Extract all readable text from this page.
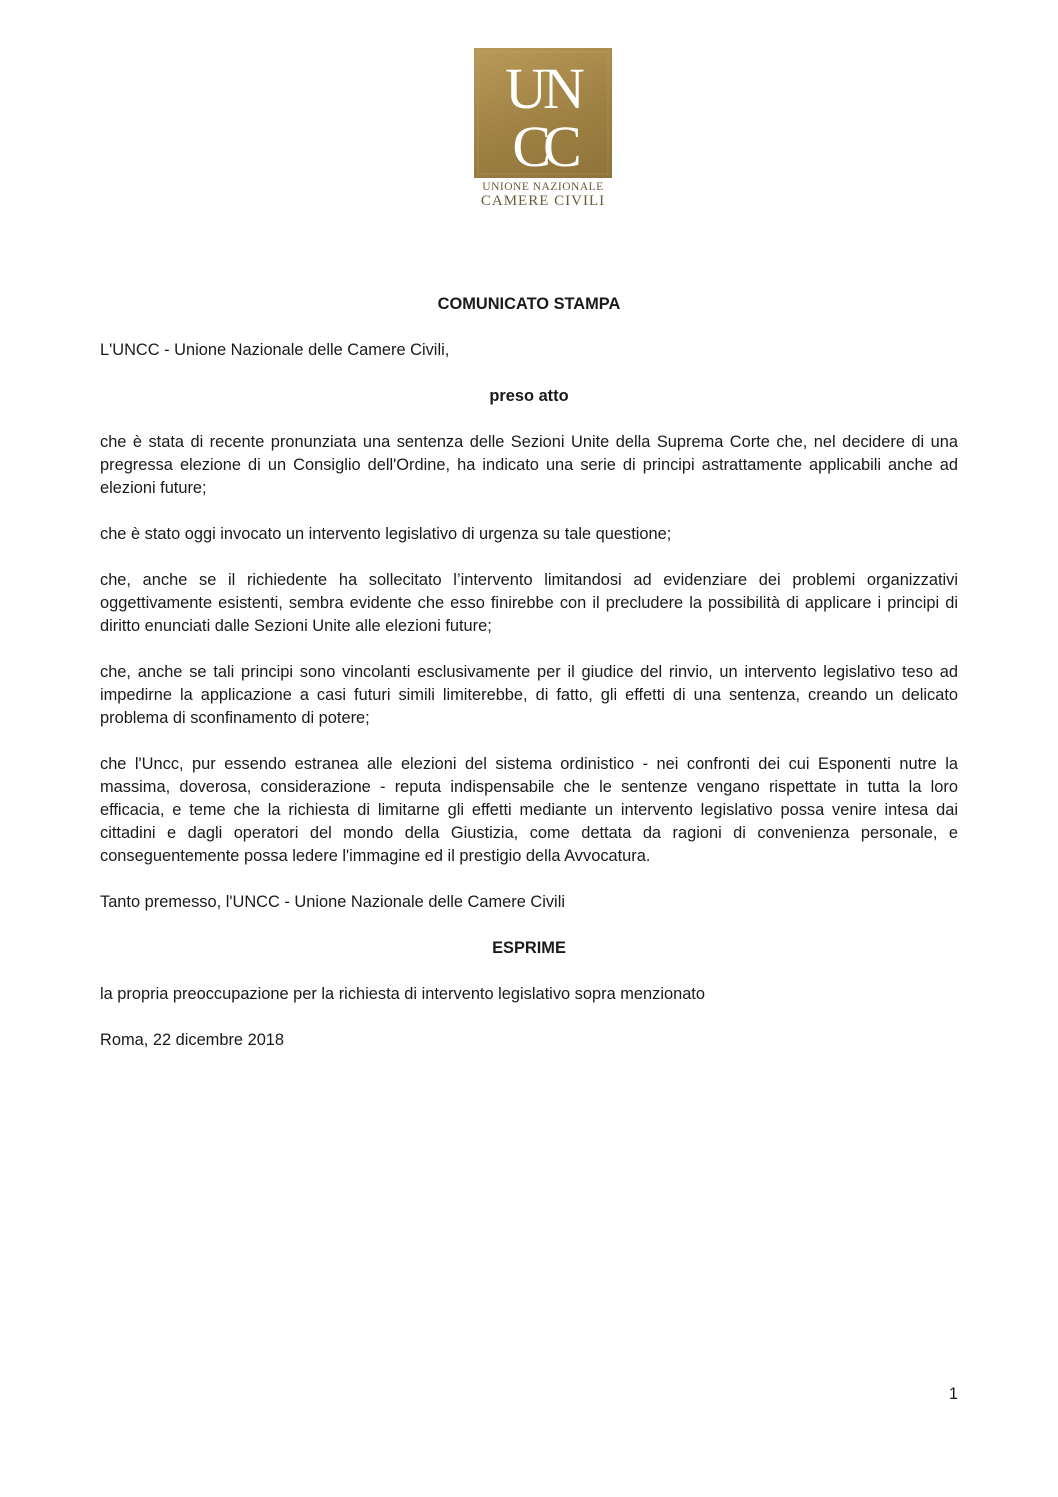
UN
CC
UNIONE NAZIONALE
CAMERE CIVILI

COMUNICATO STAMPA

L'UNCC - Unione Nazionale delle Camere Civili,

preso atto

che è stata di recente pronunziata una sentenza delle Sezioni Unite della Suprema Corte che, nel decidere di una pregressa elezione di un Consiglio dell'Ordine, ha indicato una serie di principi astrattamente applicabili anche ad elezioni future;

che è stato oggi invocato un intervento legislativo di urgenza su tale questione;

che, anche se il richiedente ha sollecitato l’intervento limitandosi ad evidenziare dei problemi organizzativi oggettivamente esistenti, sembra evidente che esso finirebbe con il precludere la possibilità di applicare i principi di diritto enunciati dalle Sezioni Unite alle elezioni future;

che, anche se tali principi sono vincolanti esclusivamente per il giudice del rinvio, un intervento legislativo teso ad impedirne la applicazione a casi futuri simili limiterebbe, di fatto, gli effetti di una sentenza, creando un delicato problema di sconfinamento di potere;

che l'Uncc, pur essendo estranea alle elezioni del sistema ordinistico - nei confronti dei cui Esponenti nutre la massima, doverosa, considerazione - reputa indispensabile che le sentenze vengano rispettate in tutta la loro efficacia, e teme che la richiesta di limitarne gli effetti mediante un intervento legislativo possa venire intesa dai cittadini e dagli operatori del mondo della Giustizia, come dettata da ragioni di convenienza personale, e conseguentemente possa ledere l'immagine ed il prestigio della Avvocatura.

Tanto premesso, l'UNCC - Unione Nazionale delle Camere Civili

ESPRIME

la propria preoccupazione per la richiesta di intervento legislativo sopra menzionato

Roma, 22 dicembre 2018

1
